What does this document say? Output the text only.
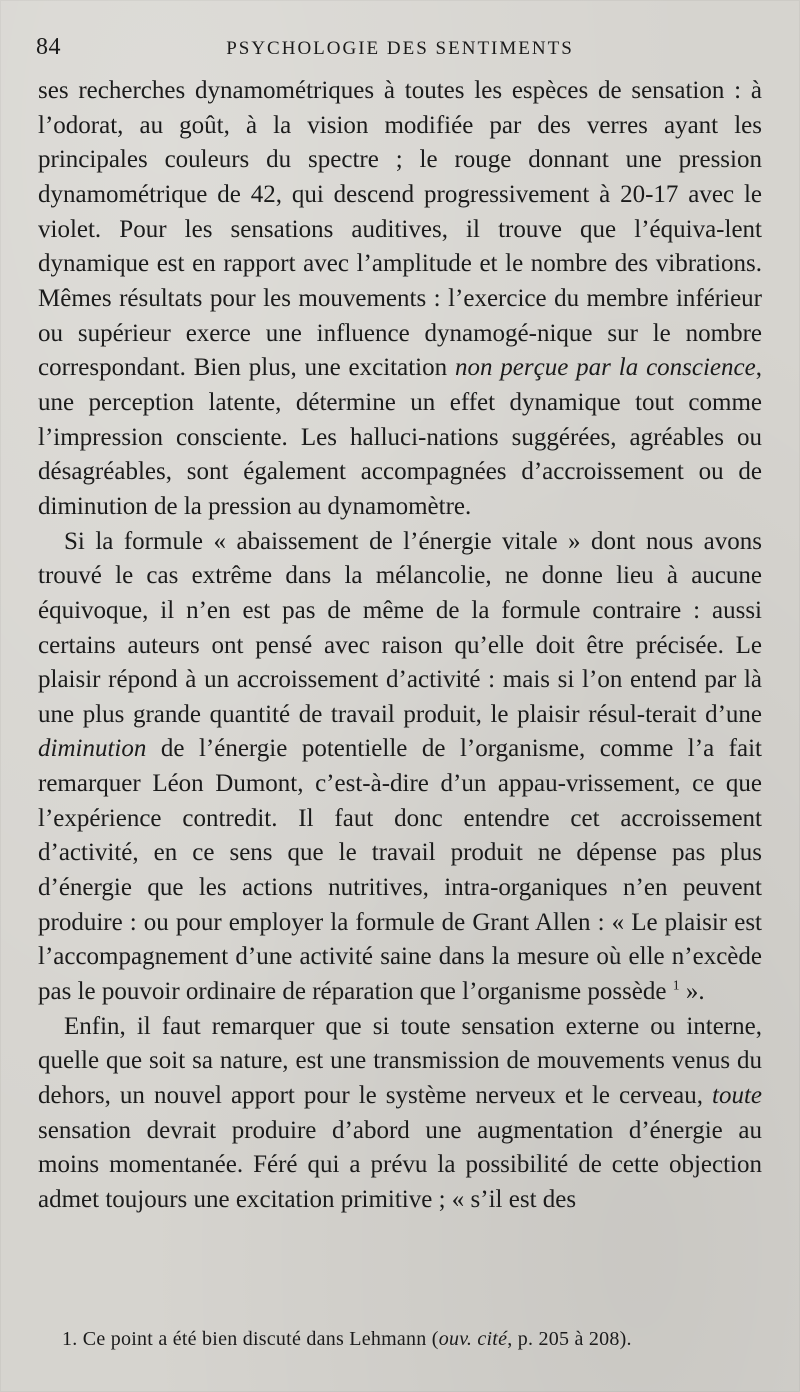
84	PSYCHOLOGIE DES SENTIMENTS

ses recherches dynamométriques à toutes les espèces de sensation : à l’odorat, au goût, à la vision modifiée par des verres ayant les principales couleurs du spectre ; le rouge donnant une pression dynamométrique de 42, qui descend progressivement à 20-17 avec le violet. Pour les sensations auditives, il trouve que l’équiva-lent dynamique est en rapport avec l’amplitude et le nombre des vibrations. Mêmes résultats pour les mouvements : l’exercice du membre inférieur ou supérieur exerce une influence dynamogé-nique sur le nombre correspondant. Bien plus, une excitation non perçue par la conscience, une perception latente, détermine un effet dynamique tout comme l’impression consciente. Les halluci-nations suggérées, agréables ou désagréables, sont également accompagnées d’accroissement ou de diminution de la pression au dynamomètre.

Si la formule « abaissement de l’énergie vitale » dont nous avons trouvé le cas extrême dans la mélancolie, ne donne lieu à aucune équivoque, il n’en est pas de même de la formule contraire : aussi certains auteurs ont pensé avec raison qu’elle doit être précisée. Le plaisir répond à un accroissement d’activité : mais si l’on entend par là une plus grande quantité de travail produit, le plaisir résul-terait d’une diminution de l’énergie potentielle de l’organisme, comme l’a fait remarquer Léon Dumont, c’est-à-dire d’un appau-vrissement, ce que l’expérience contredit. Il faut donc entendre cet accroissement d’activité, en ce sens que le travail produit ne dépense pas plus d’énergie que les actions nutritives, intra-organiques n’en peuvent produire : ou pour employer la formule de Grant Allen : « Le plaisir est l’accompagnement d’une activité saine dans la mesure où elle n’excède pas le pouvoir ordinaire de réparation que l’organisme possède $^1$ ».

Enfin, il faut remarquer que si toute sensation externe ou interne, quelle que soit sa nature, est une transmission de mouvements venus du dehors, un nouvel apport pour le système nerveux et le cerveau, toute sensation devrait produire d’abord une augmentation d’énergie au moins momentanée. Féré qui a prévu la possibilité de cette objection admet toujours une excitation primitive ; « s’il est des

1. Ce point a été bien discuté dans Lehmann (ouv. cité, p. 205 à 208).
